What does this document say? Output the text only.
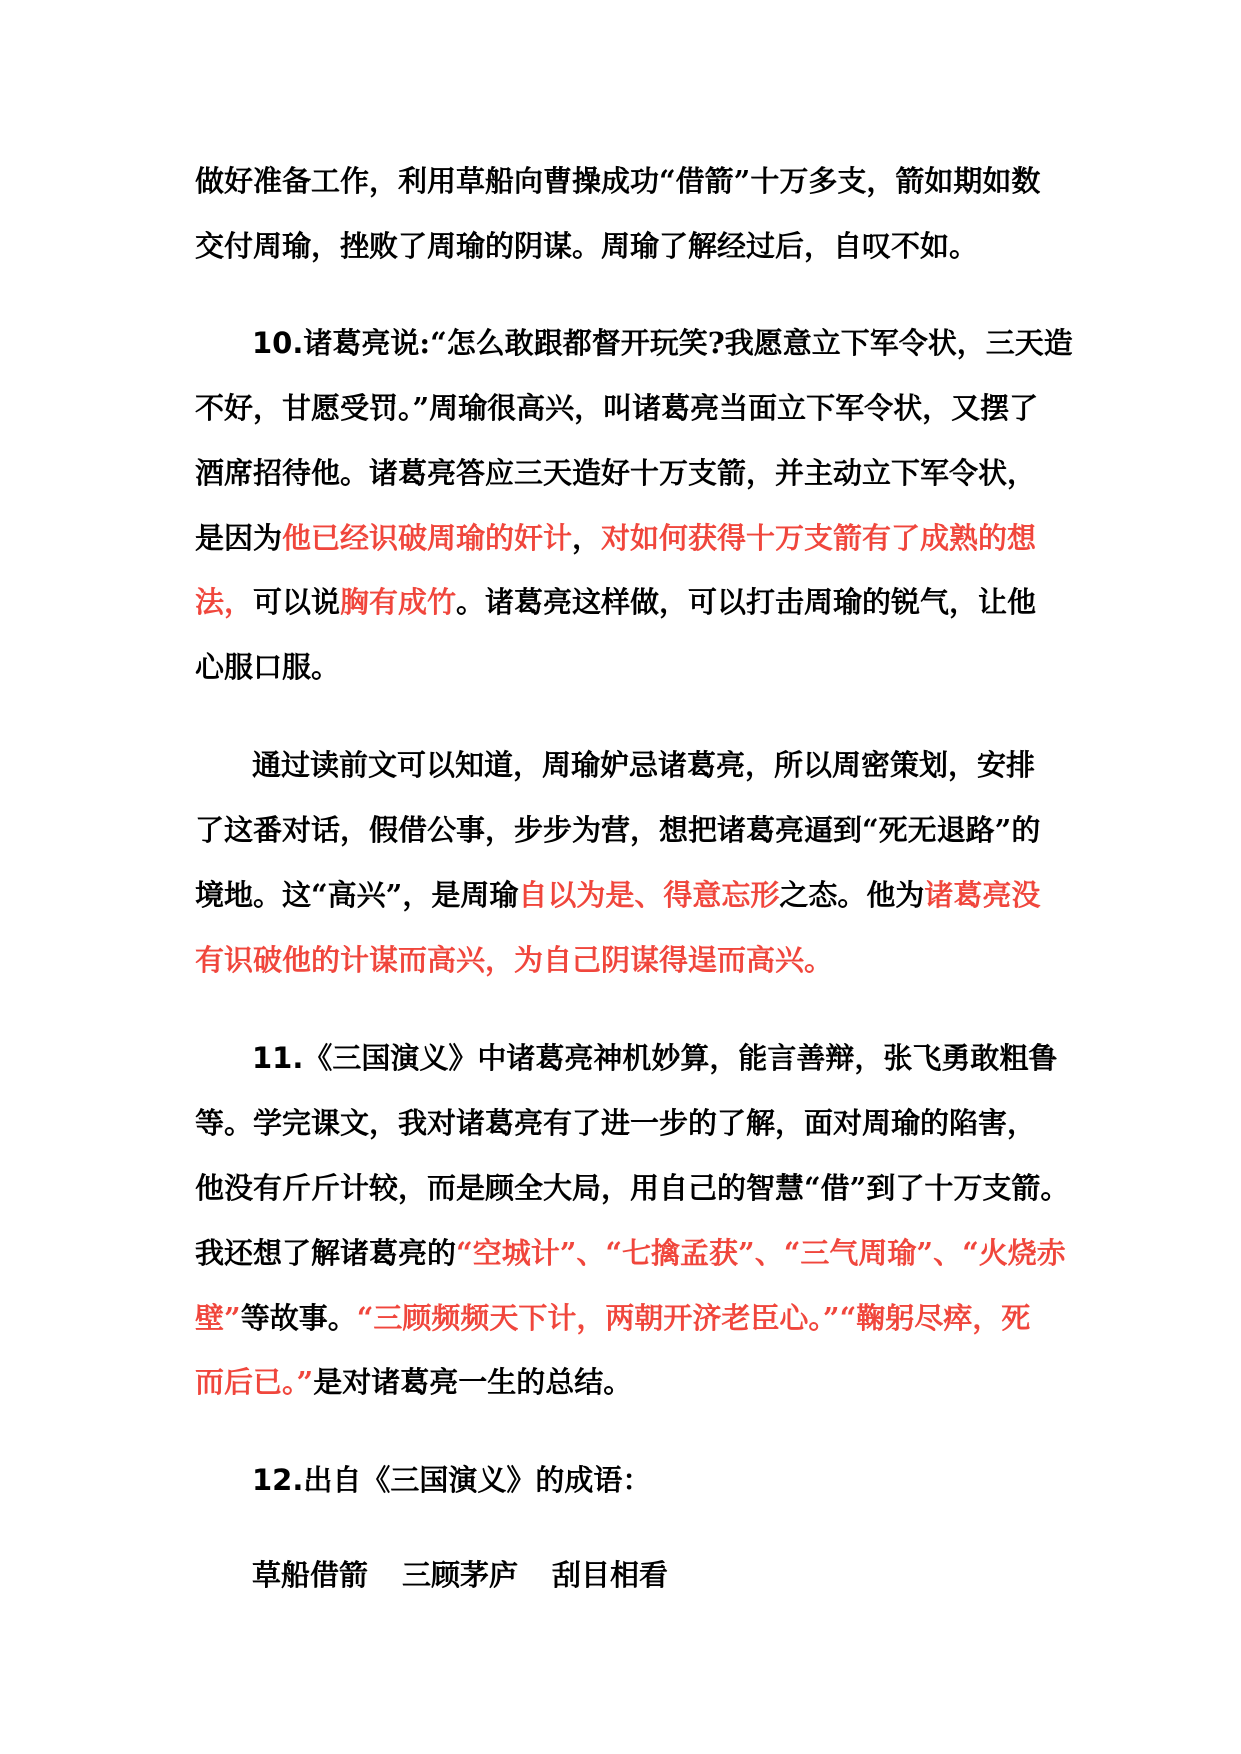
做好准备工作，利用草船向曹操成功“借箭”十万多支，箭如期如数
交付周瑜，挫败了周瑜的阴谋。周瑜了解经过后，自叹不如。
10.诸葛亮说:“怎么敢跟都督开玩笑?我愿意立下军令状，三天造
不好，甘愿受罚。”周瑜很高兴，叫诸葛亮当面立下军令状，又摆了
酒席招待他。诸葛亮答应三天造好十万支箭，并主动立下军令状，
是因为他已经识破周瑜的奸计，对如何获得十万支箭有了成熟的想
法，可以说胸有成竹。诸葛亮这样做，可以打击周瑜的锐气，让他
心服口服。
通过读前文可以知道，周瑜妒忌诸葛亮，所以周密策划，安排
了这番对话，假借公事，步步为营，想把诸葛亮逼到“死无退路”的
境地。这“高兴”，是周瑜自以为是、得意忘形之态。他为诸葛亮没
有识破他的计谋而高兴，为自己阴谋得逞而高兴。
11.《三国演义》中诸葛亮神机妙算，能言善辩，张飞勇敢粗鲁
等。学完课文，我对诸葛亮有了进一步的了解，面对周瑜的陷害，
他没有斤斤计较，而是顾全大局，用自己的智慧“借”到了十万支箭。
我还想了解诸葛亮的“空城计”、“七擒孟获”、“三气周瑜”、“火烧赤
壁”等故事。“三顾频频天下计，两朝开济老臣心。”“鞠躬尽瘁，死
而后已。”是对诸葛亮一生的总结。
12.出自《三国演义》的成语：
草船借箭 三顾茅庐 刮目相看
